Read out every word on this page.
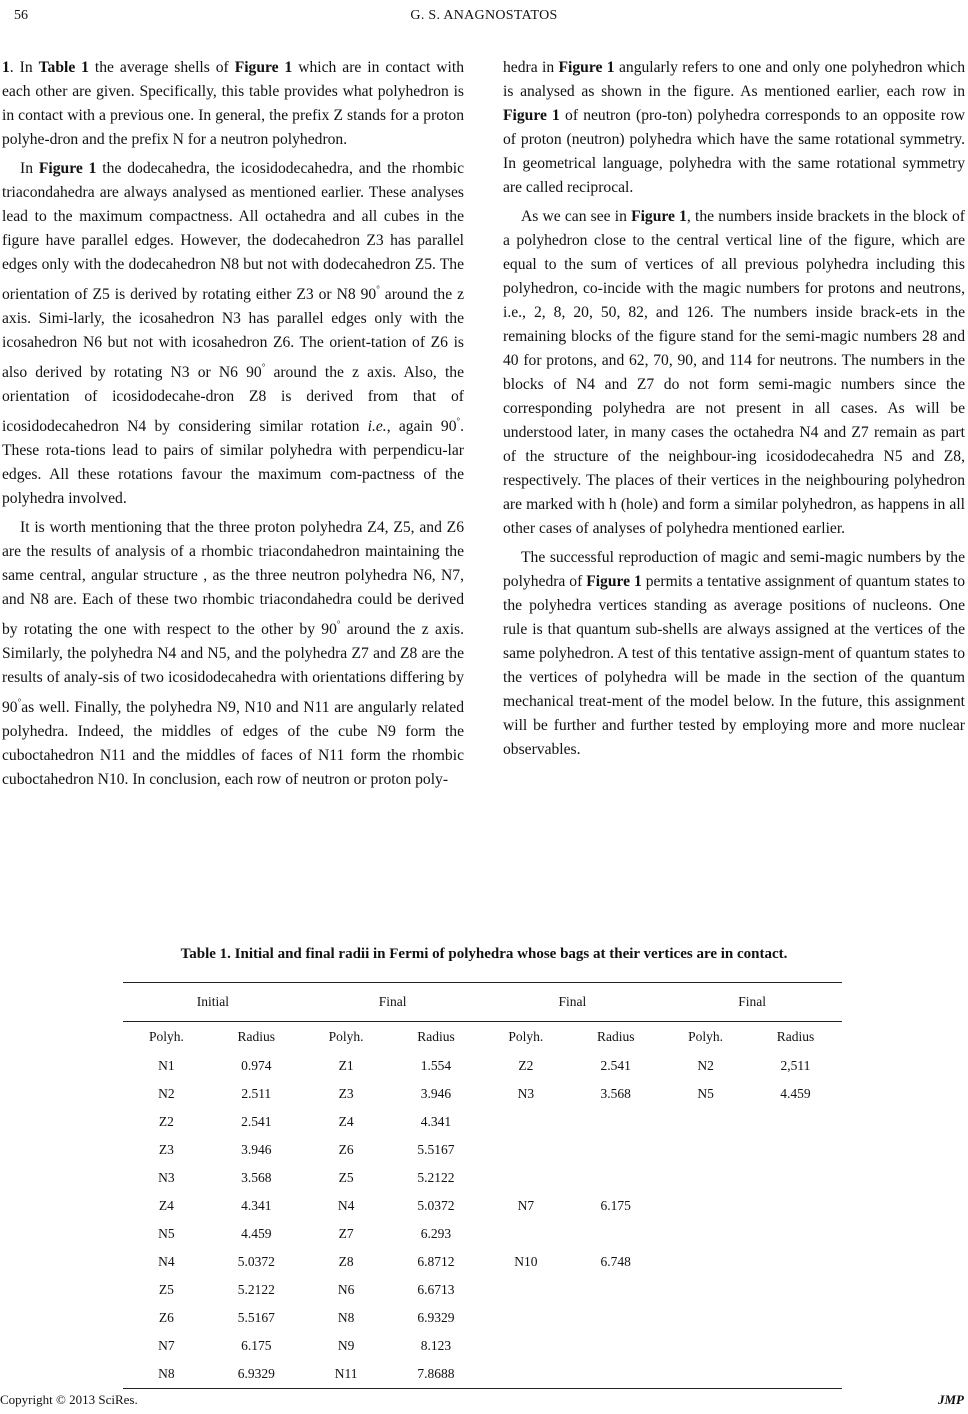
56	G. S. ANAGNOSTATOS

1. In Table 1 the average shells of Figure 1 which are in contact with each other are given. Specifically, this table provides what polyhedron is in contact with a previous one. In general, the prefix Z stands for a proton polyhe-dron and the prefix N for a neutron polyhedron.

In Figure 1 the dodecahedra, the icosidodecahedra, and the rhombic triacondahedra are always analysed as mentioned earlier. These analyses lead to the maximum compactness. All octahedra and all cubes in the figure have parallel edges. However, the dodecahedron Z3 has parallel edges only with the dodecahedron N8 but not with dodecahedron Z5. The orientation of Z5 is derived by rotating either Z3 or N8 90° around the z axis. Simi-larly, the icosahedron N3 has parallel edges only with the icosahedron N6 but not with icosahedron Z6. The orient-tation of Z6 is also derived by rotating N3 or N6 90° around the z axis. Also, the orientation of icosidodecahe-dron Z8 is derived from that of icosidodecahedron N4 by considering similar rotation i.e., again 90°. These rota-tions lead to pairs of similar polyhedra with perpendicu-lar edges. All these rotations favour the maximum com-pactness of the polyhedra involved.

It is worth mentioning that the three proton polyhedra Z4, Z5, and Z6 are the results of analysis of a rhombic triacondahedron maintaining the same central, angular structure , as the three neutron polyhedra N6, N7, and N8 are. Each of these two rhombic triacondahedra could be derived by rotating the one with respect to the other by 90° around the z axis. Similarly, the polyhedra N4 and N5, and the polyhedra Z7 and Z8 are the results of analy-sis of two icosidodecahedra with orientations differing by 90°as well. Finally, the polyhedra N9, N10 and N11 are angularly related polyhedra. Indeed, the middles of edges of the cube N9 form the cuboctahedron N11 and the middles of faces of N11 form the rhombic cuboctahedron N10. In conclusion, each row of neutron or proton poly-

hedra in Figure 1 angularly refers to one and only one polyhedron which is analysed as shown in the figure. As mentioned earlier, each row in Figure 1 of neutron (pro-ton) polyhedra corresponds to an opposite row of proton (neutron) polyhedra which have the same rotational symmetry. In geometrical language, polyhedra with the same rotational symmetry are called reciprocal.

As we can see in Figure 1, the numbers inside brackets in the block of a polyhedron close to the central vertical line of the figure, which are equal to the sum of vertices of all previous polyhedra including this polyhedron, co-incide with the magic numbers for protons and neutrons, i.e., 2, 8, 20, 50, 82, and 126. The numbers inside brack-ets in the remaining blocks of the figure stand for the semi-magic numbers 28 and 40 for protons, and 62, 70, 90, and 114 for neutrons. The numbers in the blocks of N4 and Z7 do not form semi-magic numbers since the corresponding polyhedra are not present in all cases. As will be understood later, in many cases the octahedra N4 and Z7 remain as part of the structure of the neighbour-ing icosidodecahedra N5 and Z8, respectively. The places of their vertices in the neighbouring polyhedron are marked with h (hole) and form a similar polyhedron, as happens in all other cases of analyses of polyhedra mentioned earlier.

The successful reproduction of magic and semi-magic numbers by the polyhedra of Figure 1 permits a tentative assignment of quantum states to the polyhedra vertices standing as average positions of nucleons. One rule is that quantum sub-shells are always assigned at the vertices of the same polyhedron. A test of this tentative assign-ment of quantum states to the vertices of polyhedra will be made in the section of the quantum mechanical treat-ment of the model below. In the future, this assignment will be further and further tested by employing more and more nuclear observables.

Table 1. Initial and final radii in Fermi of polyhedra whose bags at their vertices are in contact.
Initial		Final		Final		Final	
Polyh.	Radius	Polyh.	Radius	Polyh.	Radius	Polyh.	Radius
N1	0.974	Z1	1.554	Z2	2.541	N2	2,511
N2	2.511	Z3	3.946	N3	3.568	N5	4.459
Z2	2.541	Z4	4.341				
Z3	3.946	Z6	5.5167				
N3	3.568	Z5	5.2122				
Z4	4.341	N4	5.0372	N7	6.175		
N5	4.459	Z7	6.293				
N4	5.0372	Z8	6.8712	N10	6.748		
Z5	5.2122	N6	6.6713				
Z6	5.5167	N8	6.9329				
N7	6.175	N9	8.123				
N8	6.9329	N11	7.8688				
Copyright © 2013 SciRes.	JMP
